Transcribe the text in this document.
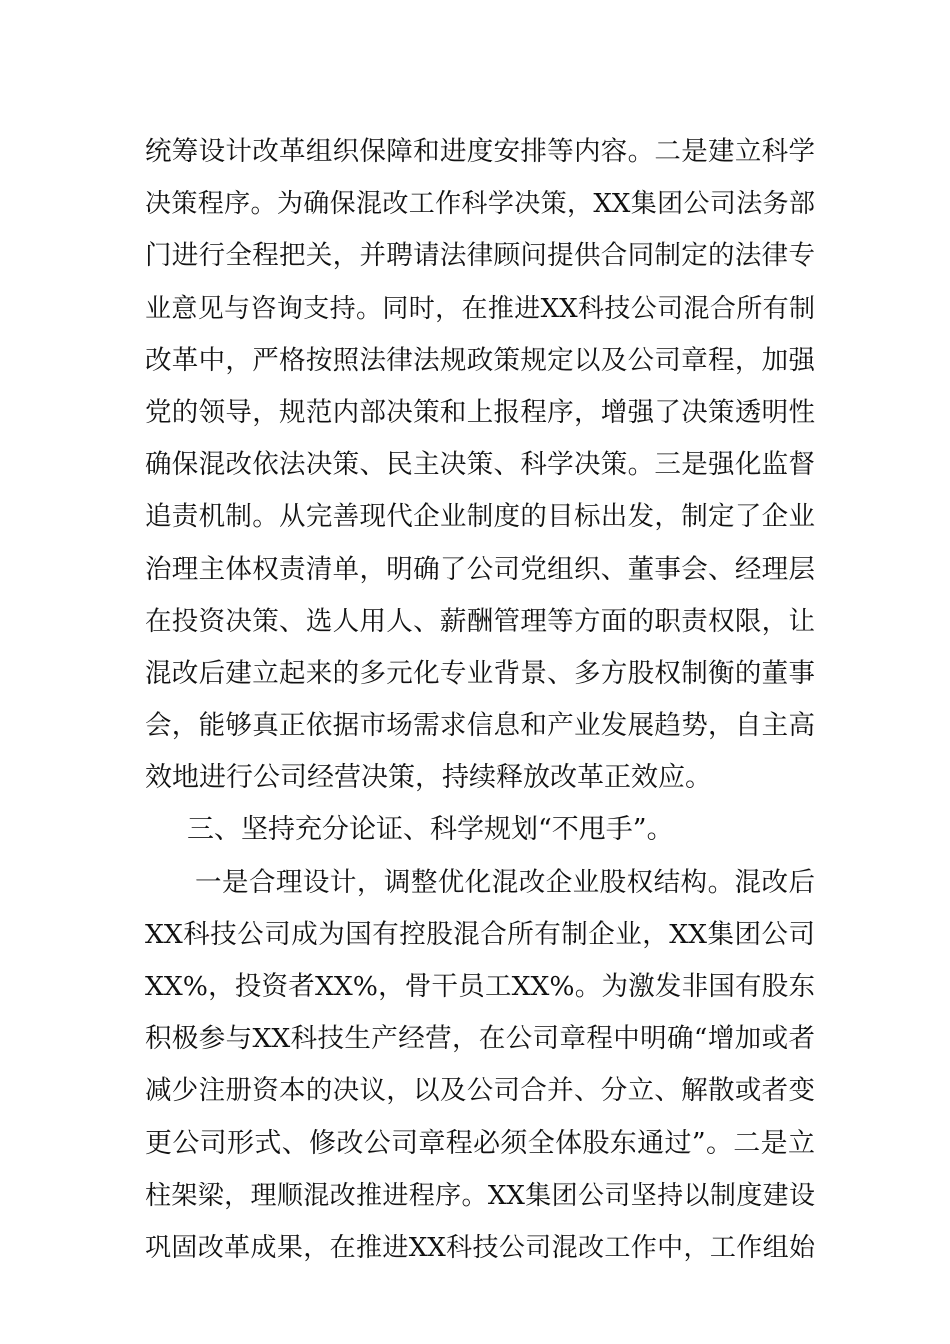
统筹设计改革组织保障和进度安排等内容。二是建立科学
决策程序。为确保混改工作科学决策，XX集团公司法务部
门进行全程把关，并聘请法律顾问提供合同制定的法律专
业意见与咨询支持。同时，在推进XX科技公司混合所有制
改革中，严格按照法律法规政策规定以及公司章程，加强
党的领导，规范内部决策和上报程序，增强了决策透明性
确保混改依法决策、民主决策、科学决策。三是强化监督
追责机制。从完善现代企业制度的目标出发，制定了企业
治理主体权责清单，明确了公司党组织、董事会、经理层
在投资决策、选人用人、薪酬管理等方面的职责权限，让
混改后建立起来的多元化专业背景、多方股权制衡的董事
会，能够真正依据市场需求信息和产业发展趋势，自主高
效地进行公司经营决策，持续释放改革正效应。
三、坚持充分论证、科学规划“不甩手”。
一是合理设计，调整优化混改企业股权结构。混改后
XX科技公司成为国有控股混合所有制企业，XX集团公司
XX%，投资者XX%，骨干员工XX%。为激发非国有股东
积极参与XX科技生产经营，在公司章程中明确“增加或者
减少注册资本的决议，以及公司合并、分立、解散或者变
更公司形式、修改公司章程必须全体股东通过”。二是立
柱架梁，理顺混改推进程序。XX集团公司坚持以制度建设
巩固改革成果，在推进XX科技公司混改工作中，工作组始
